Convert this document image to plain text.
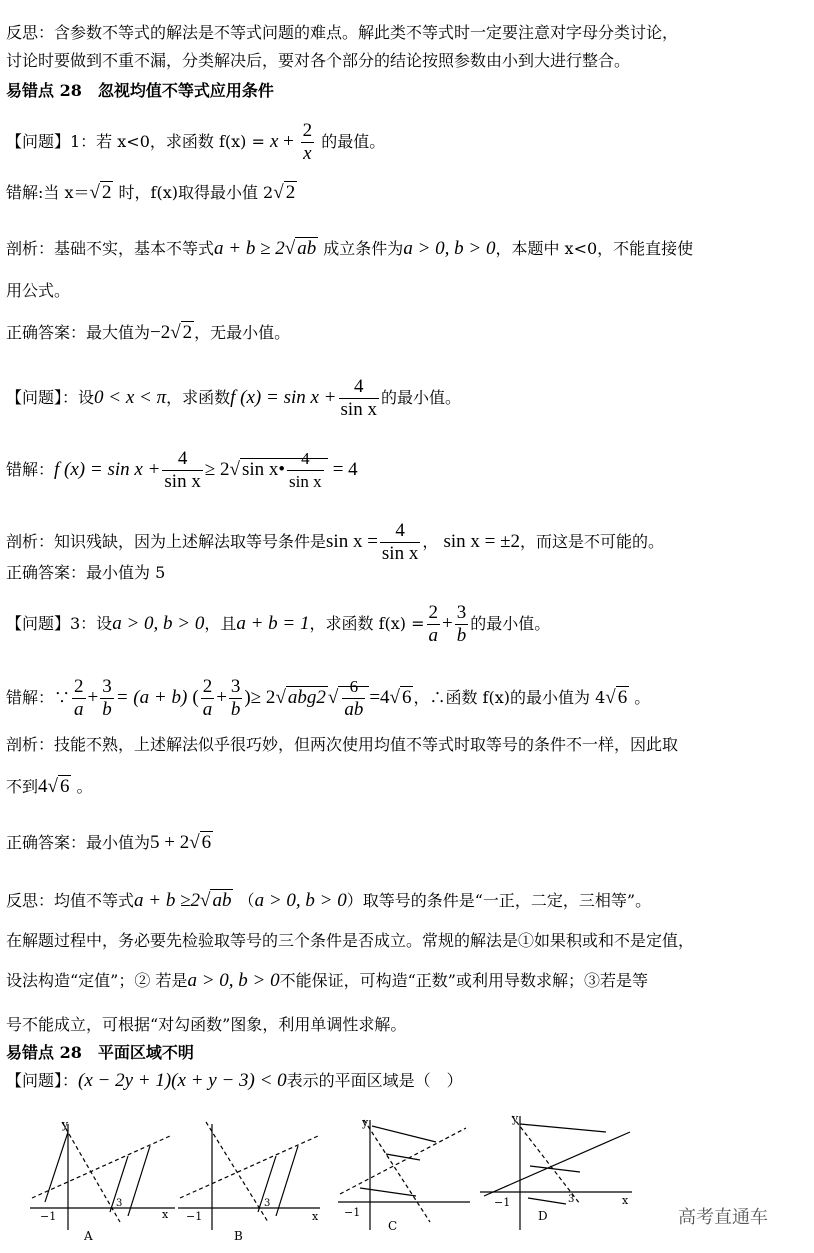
反思：含参数不等式的解法是不等式问题的难点。解此类不等式时一定要注意对字母分类讨论，
讨论时要做到不重不漏，分类解决后，要对各个部分的结论按照参数由小到大进行整合。
易错点 28　忽视均值不等式应用条件
【问题】1：若 x<0，求函数 $f(x) = x + \frac{2}{x}$ 的最值。
错解:当 x＝√ 2 时，f(x)取得最小值 2√ 2
剖析：基础不实，基本不等式a + b ≥ 2√ ab 成立条件为a > 0, b > 0，本题中 x<0，不能直接使
用公式。
正确答案：最大值为−2√ 2 ，无最小值。
【问题】：设0 < x < π，求函数f $(x) = \sin x + \frac{4}{\text{sin x}}$ 的最小值。
错解：f $(x) = \sin x + \frac{4}{\text{sin x}} \ge 2√$ sin x• $\frac{4}{\text{sin x}} = 4$
剖析：知识残缺，因为上述解法取等号条件是$\sin x = \frac{4}{\text{sin x}}$ ， sin x = ±2，而这是不可能的。
正确答案：最小值为 5
【问题】3：设a > 0, b > 0，且a + b = 1，求函数 $f(x) = \frac{2}{a} + \frac{3}{b}$ 的最小值。
错解：∵ $\frac{2}{a} + \frac{3}{b} = (a + b)$ ( $\frac{2}{a} + \frac{3}{b}$ )≥ 2√ abg2 √ $\frac{6}{ab} =4√$ 6 ，∴函数 f(x)的最小值为 4√ 6 。
剖析：技能不熟，上述解法似乎很巧妙，但两次使用均值不等式时取等号的条件不一样，因此取
不到4√ 6 。
正确答案：最小值为5 + 2√ 6
反思：均值不等式a + b ≥2√ ab （a > 0, b > 0）取等号的条件是“一正，二定，三相等”。
在解题过程中，务必要先检验取等号的三个条件是否成立。常规的解法是①如果积或和不是定值，
设法构造“定值”；② 若是a > 0, b > 0不能保证，可构造“正数”或利用导数求解；③若是等
号不能成立，可根据“对勾函数”图象，利用单调性求解。
易错点 28　平面区域不明
【问题】：(x − 2y + 1)(x + y − 3) < 0表示的平面区域是（　）
y
x
−1
3
A
x
−1
3
B
y
−1
C
y
x
−1	3
D	高考直通车
